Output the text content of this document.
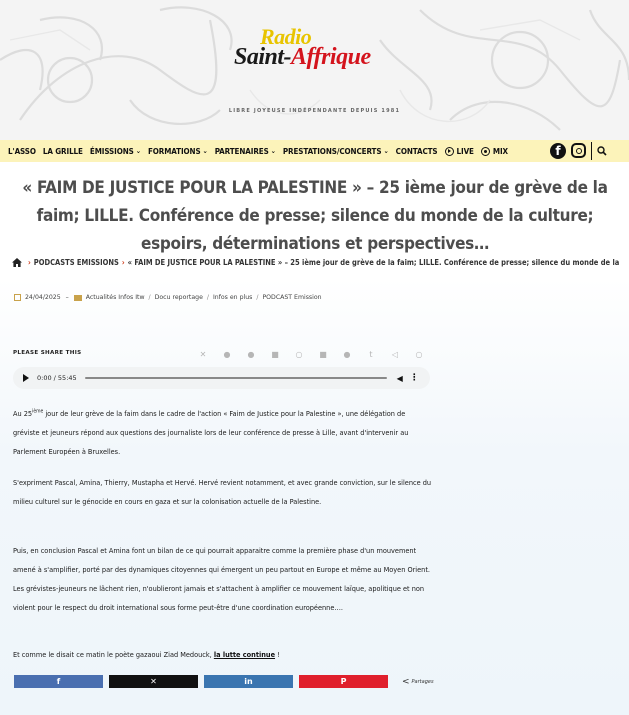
Radio
Saint-Affrique
LIBRE JOYEUSE INDÉPENDANTE DEPUIS 1981
L'ASSO LA GRILLE ÉMISSIONS ⌄ FORMATIONS ⌄ PARTENAIRES ⌄ PRESTATIONS/CONCERTS ⌄ CONTACTS LIVE MIX	f
« FAIM DE JUSTICE POUR LA PALESTINE » – 25 ième jour de grève de la faim; LILLE. Conférence de presse; silence du monde de la culture; espoirs, déterminations et perspectives…
› PODCASTS EMISSIONS › « FAIM DE JUSTICE POUR LA PALESTINE » – 25 ième jour de grève de la faim; LILLE. Conférence de presse; silence du monde de la
24/04/2025 –	Actualités Infos Itw / Docu reportage / Infos en plus / PODCAST Emission
PLEASE SHARE THIS	✕ ● ● ■ ○ ■ ●	t	◁ ○
0:00 / 55:45	◀ ⋮

Au 25ième jour de leur grève de la faim dans le cadre de l'action « Faim de Justice pour la Palestine », une délégation de gréviste et jeuneurs répond aux questions des journaliste lors de leur conférence de presse à Lille, avant d'intervenir au Parlement Européen à Bruxelles.

S'expriment Pascal, Amina, Thierry, Mustapha et Hervé. Hervé revient notamment, et avec grande conviction, sur le silence du milieu culturel sur le génocide en cours en gaza et sur la colonisation actuelle de la Palestine.

Puis, en conclusion Pascal et Amina font un bilan de ce qui pourrait apparaitre comme la première phase d'un mouvement amené à s'amplifier, porté par des dynamiques citoyennes qui émergent un peu partout en Europe et même au Moyen Orient. Les grévistes-jeuneurs ne lâchent rien, n'oublieront jamais et s'attachent à amplifier ce mouvement laïque, apolitique et non violent pour le respect du droit international sous forme peut-être d'une coordination européenne….

Et comme le disait ce matin le poète gazaoui Ziad Medouck, la lutte continue !

f	✕	in	P	< Partages
